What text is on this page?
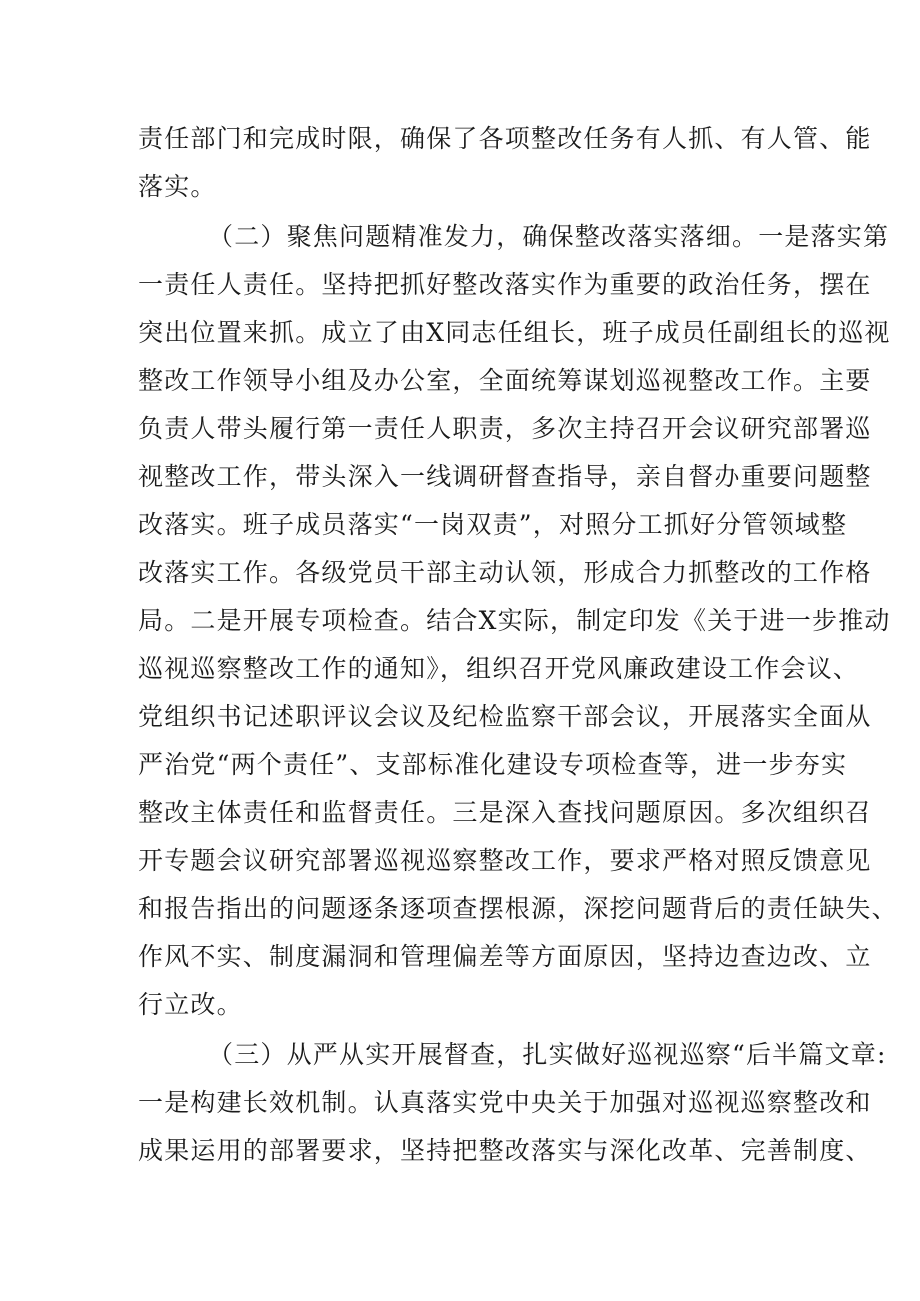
责任部门和完成时限，确保了各项整改任务有人抓、有人管、能
落实。
（二）聚焦问题精准发力，确保整改落实落细。一是落实第
一责任人责任。坚持把抓好整改落实作为重要的政治任务，摆在
突出位置来抓。成立了由X同志任组长，班子成员任副组长的巡视
整改工作领导小组及办公室，全面统筹谋划巡视整改工作。主要
负责人带头履行第一责任人职责，多次主持召开会议研究部署巡
视整改工作，带头深入一线调研督查指导，亲自督办重要问题整
改落实。班子成员落实“一岗双责”，对照分工抓好分管领域整
改落实工作。各级党员干部主动认领，形成合力抓整改的工作格
局。二是开展专项检查。结合X实际，制定印发《关于进一步推动
巡视巡察整改工作的通知》，组织召开党风廉政建设工作会议、
党组织书记述职评议会议及纪检监察干部会议，开展落实全面从
严治党“两个责任”、支部标准化建设专项检查等，进一步夯实
整改主体责任和监督责任。三是深入查找问题原因。多次组织召
开专题会议研究部署巡视巡察整改工作，要求严格对照反馈意见
和报告指出的问题逐条逐项查摆根源，深挖问题背后的责任缺失、
作风不实、制度漏洞和管理偏差等方面原因，坚持边查边改、立
行立改。
（三）从严从实开展督查，扎实做好巡视巡察“后半篇文章:
一是构建长效机制。认真落实党中央关于加强对巡视巡察整改和
成果运用的部署要求，坚持把整改落实与深化改革、完善制度、
